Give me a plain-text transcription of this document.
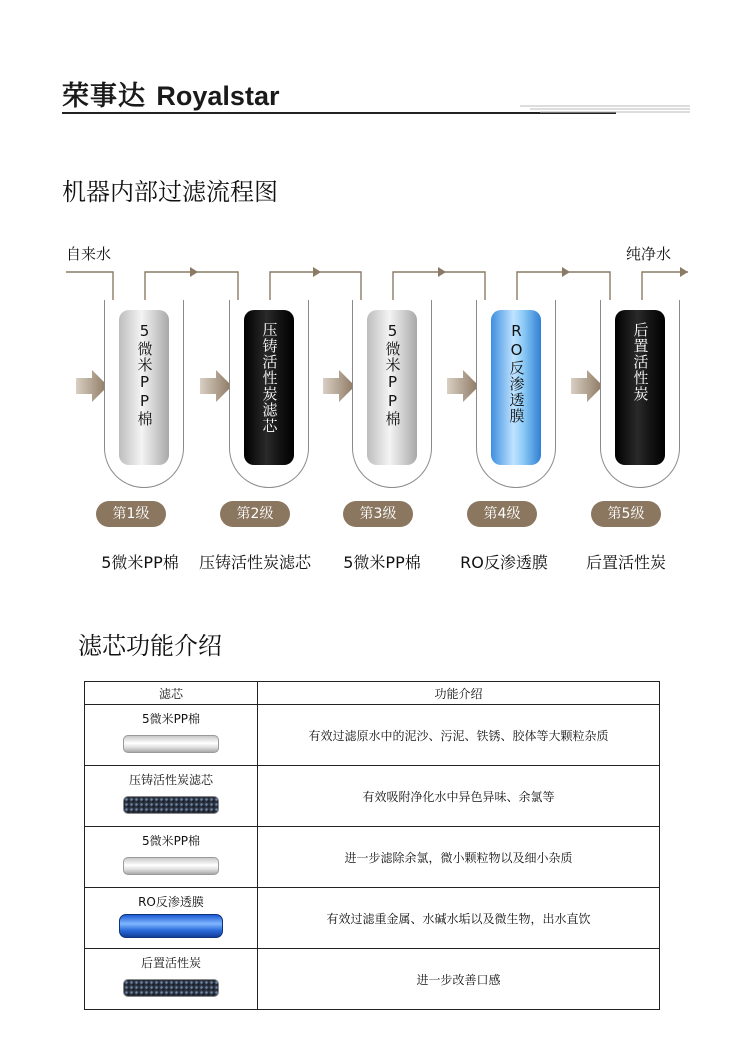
荣事达 Royalstar
机器内部过滤流程图
自来水	纯净水
5微米PP棉	压铸活性炭滤芯	5微米PP棉	RO反渗透膜	后置活性炭
第1级	第2级	第3级	第4级	第5级
5微米PP棉	压铸活性炭滤芯	5微米PP棉	RO反渗透膜	后置活性炭
滤芯功能介绍
滤芯	功能介绍

5微米PP棉	有效过滤原水中的泥沙、污泥、铁锈、胶体等大颗粒杂质

压铸活性炭滤芯	有效吸附净化水中异色异味、余氯等

5微米PP棉	进一步滤除余氯，微小颗粒物以及细小杂质

RO反渗透膜	有效过滤重金属、水碱水垢以及微生物，出水直饮

后置活性炭	进一步改善口感
